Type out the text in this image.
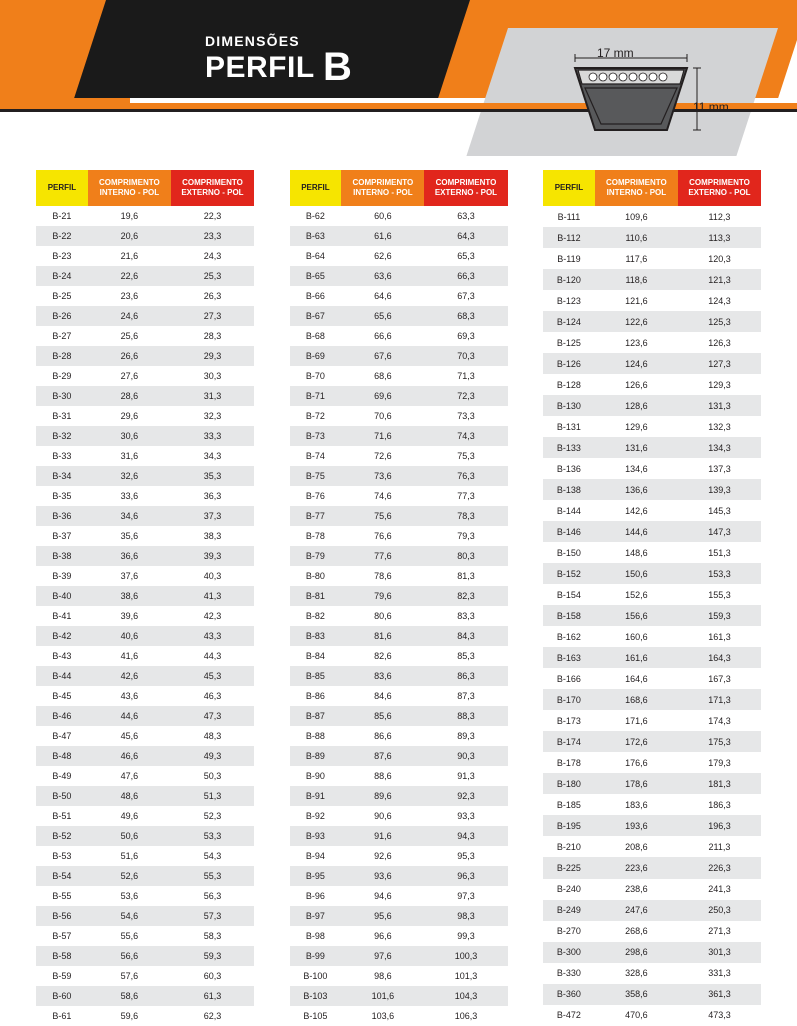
DIMENSÕES
PERFIL B	17 mm
11 mm
PERFIL	COMPRIMENTO INTERNO - POL	COMPRIMENTO EXTERNO - POL
B-21	19,6	22,3
B-22	20,6	23,3
B-23	21,6	24,3
B-24	22,6	25,3
B-25	23,6	26,3
B-26	24,6	27,3
B-27	25,6	28,3
B-28	26,6	29,3
B-29	27,6	30,3
B-30	28,6	31,3
B-31	29,6	32,3
B-32	30,6	33,3
B-33	31,6	34,3
B-34	32,6	35,3
B-35	33,6	36,3
B-36	34,6	37,3
B-37	35,6	38,3
B-38	36,6	39,3
B-39	37,6	40,3
B-40	38,6	41,3
B-41	39,6	42,3
B-42	40,6	43,3
B-43	41,6	44,3
B-44	42,6	45,3
B-45	43,6	46,3
B-46	44,6	47,3
B-47	45,6	48,3
B-48	46,6	49,3
B-49	47,6	50,3
B-50	48,6	51,3
B-51	49,6	52,3
B-52	50,6	53,3
B-53	51,6	54,3
B-54	52,6	55,3
B-55	53,6	56,3
B-56	54,6	57,3
B-57	55,6	58,3
B-58	56,6	59,3
B-59	57,6	60,3
B-60	58,6	61,3
B-61	59,6	62,3
PERFIL	COMPRIMENTO INTERNO - POL	COMPRIMENTO EXTERNO - POL
B-62	60,6	63,3
B-63	61,6	64,3
B-64	62,6	65,3
B-65	63,6	66,3
B-66	64,6	67,3
B-67	65,6	68,3
B-68	66,6	69,3
B-69	67,6	70,3
B-70	68,6	71,3
B-71	69,6	72,3
B-72	70,6	73,3
B-73	71,6	74,3
B-74	72,6	75,3
B-75	73,6	76,3
B-76	74,6	77,3
B-77	75,6	78,3
B-78	76,6	79,3
B-79	77,6	80,3
B-80	78,6	81,3
B-81	79,6	82,3
B-82	80,6	83,3
B-83	81,6	84,3
B-84	82,6	85,3
B-85	83,6	86,3
B-86	84,6	87,3
B-87	85,6	88,3
B-88	86,6	89,3
B-89	87,6	90,3
B-90	88,6	91,3
B-91	89,6	92,3
B-92	90,6	93,3
B-93	91,6	94,3
B-94	92,6	95,3
B-95	93,6	96,3
B-96	94,6	97,3
B-97	95,6	98,3
B-98	96,6	99,3
B-99	97,6	100,3
B-100	98,6	101,3
B-103	101,6	104,3
B-105	103,6	106,3
PERFIL	COMPRIMENTO INTERNO - POL	COMPRIMENTO EXTERNO - POL
B-111	109,6	112,3
B-112	110,6	113,3
B-119	117,6	120,3
B-120	118,6	121,3
B-123	121,6	124,3
B-124	122,6	125,3
B-125	123,6	126,3
B-126	124,6	127,3
B-128	126,6	129,3
B-130	128,6	131,3
B-131	129,6	132,3
B-133	131,6	134,3
B-136	134,6	137,3
B-138	136,6	139,3
B-144	142,6	145,3
B-146	144,6	147,3
B-150	148,6	151,3
B-152	150,6	153,3
B-154	152,6	155,3
B-158	156,6	159,3
B-162	160,6	161,3
B-163	161,6	164,3
B-166	164,6	167,3
B-170	168,6	171,3
B-173	171,6	174,3
B-174	172,6	175,3
B-178	176,6	179,3
B-180	178,6	181,3
B-185	183,6	186,3
B-195	193,6	196,3
B-210	208,6	211,3
B-225	223,6	226,3
B-240	238,6	241,3
B-249	247,6	250,3
B-270	268,6	271,3
B-300	298,6	301,3
B-330	328,6	331,3
B-360	358,6	361,3
B-472	470,6	473,3
